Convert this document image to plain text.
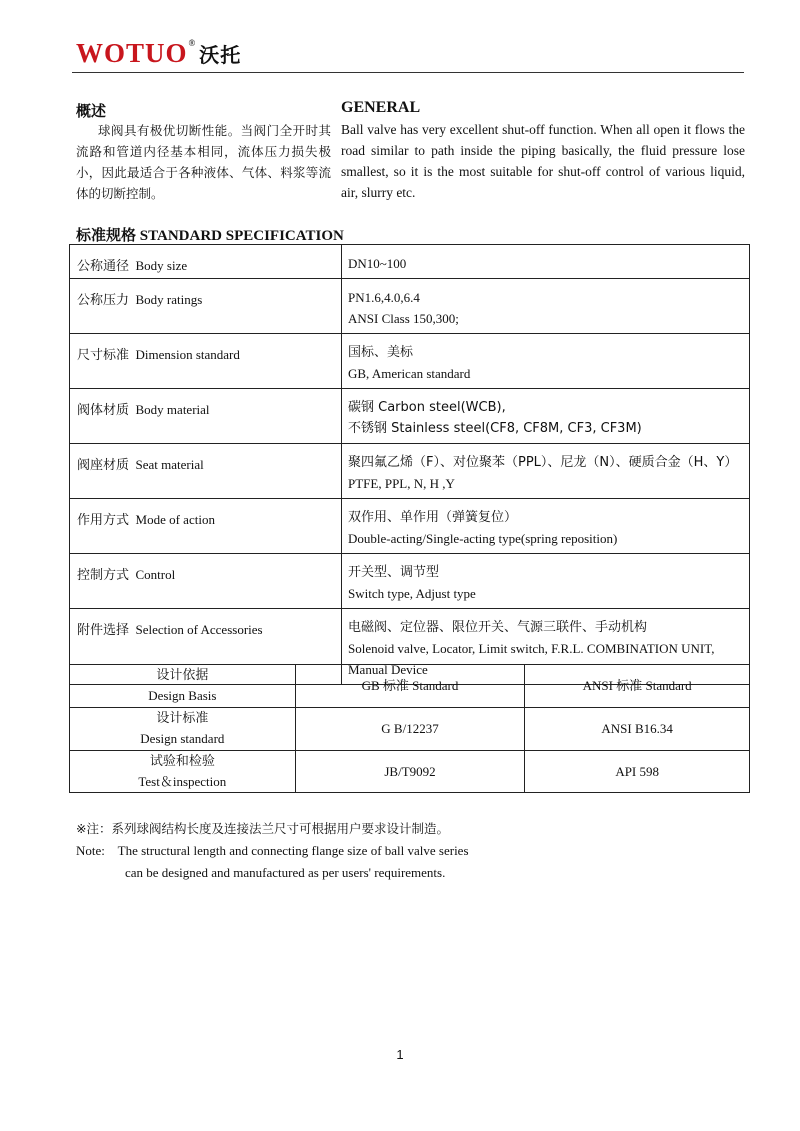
WOTUO® 沃托
概述
球阀具有极优切断性能。当阀门全开时其流路和管道内径基本相同，流体压力损失极小，因此最适合于各种液体、气体、料浆等流体的切断控制。
GENERAL
Ball valve has very excellent shut-off function. When all open it flows the road similar to path inside the piping basically, the fluid pressure lose smallest, so it is the most suitable for shut-off control of various liquid, air, slurry etc.
标准规格 STANDARD SPECIFICATION
公称通径 Body size	DN10~100

公称压力 Body ratings	PN1.6,4.0,6.4
ANSI Class 150,300;

尺寸标准 Dimension standard	国标、美标
GB, American standard

阀体材质 Body material	碳钢 Carbon steel(WCB),
不锈钢 Stainless steel(CF8, CF8M, CF3, CF3M)

阀座材质 Seat material	聚四氟乙烯（F）、对位聚苯（PPL）、尼龙（N）、硬质合金（H、Y）
PTFE, PPL, N, H ,Y

作用方式 Mode of action	双作用、单作用（弹簧复位）
Double-acting/Single-acting type(spring reposition)

控制方式 Control	开关型、调节型
Switch type, Adjust type

附件选择 Selection of Accessories	电磁阀、定位器、限位开关、气源三联件、手动机构
Solenoid valve, Locator, Limit switch, F.R.L. COMBINATION UNIT,
Manual Device
设计依据
Design Basis	GB 标准 Standard	ANSI 标准 Standard

设计标准
Design standard	G B/12237	ANSI B16.34

试验和检验
Test＆inspection	JB/T9092	API 598
※注：系列球阀结构长度及连接法兰尺寸可根据用户要求设计制造。
Note:    The structural length and connecting flange size of ball valve series
can be designed and manufactured as per users' requirements.
1
